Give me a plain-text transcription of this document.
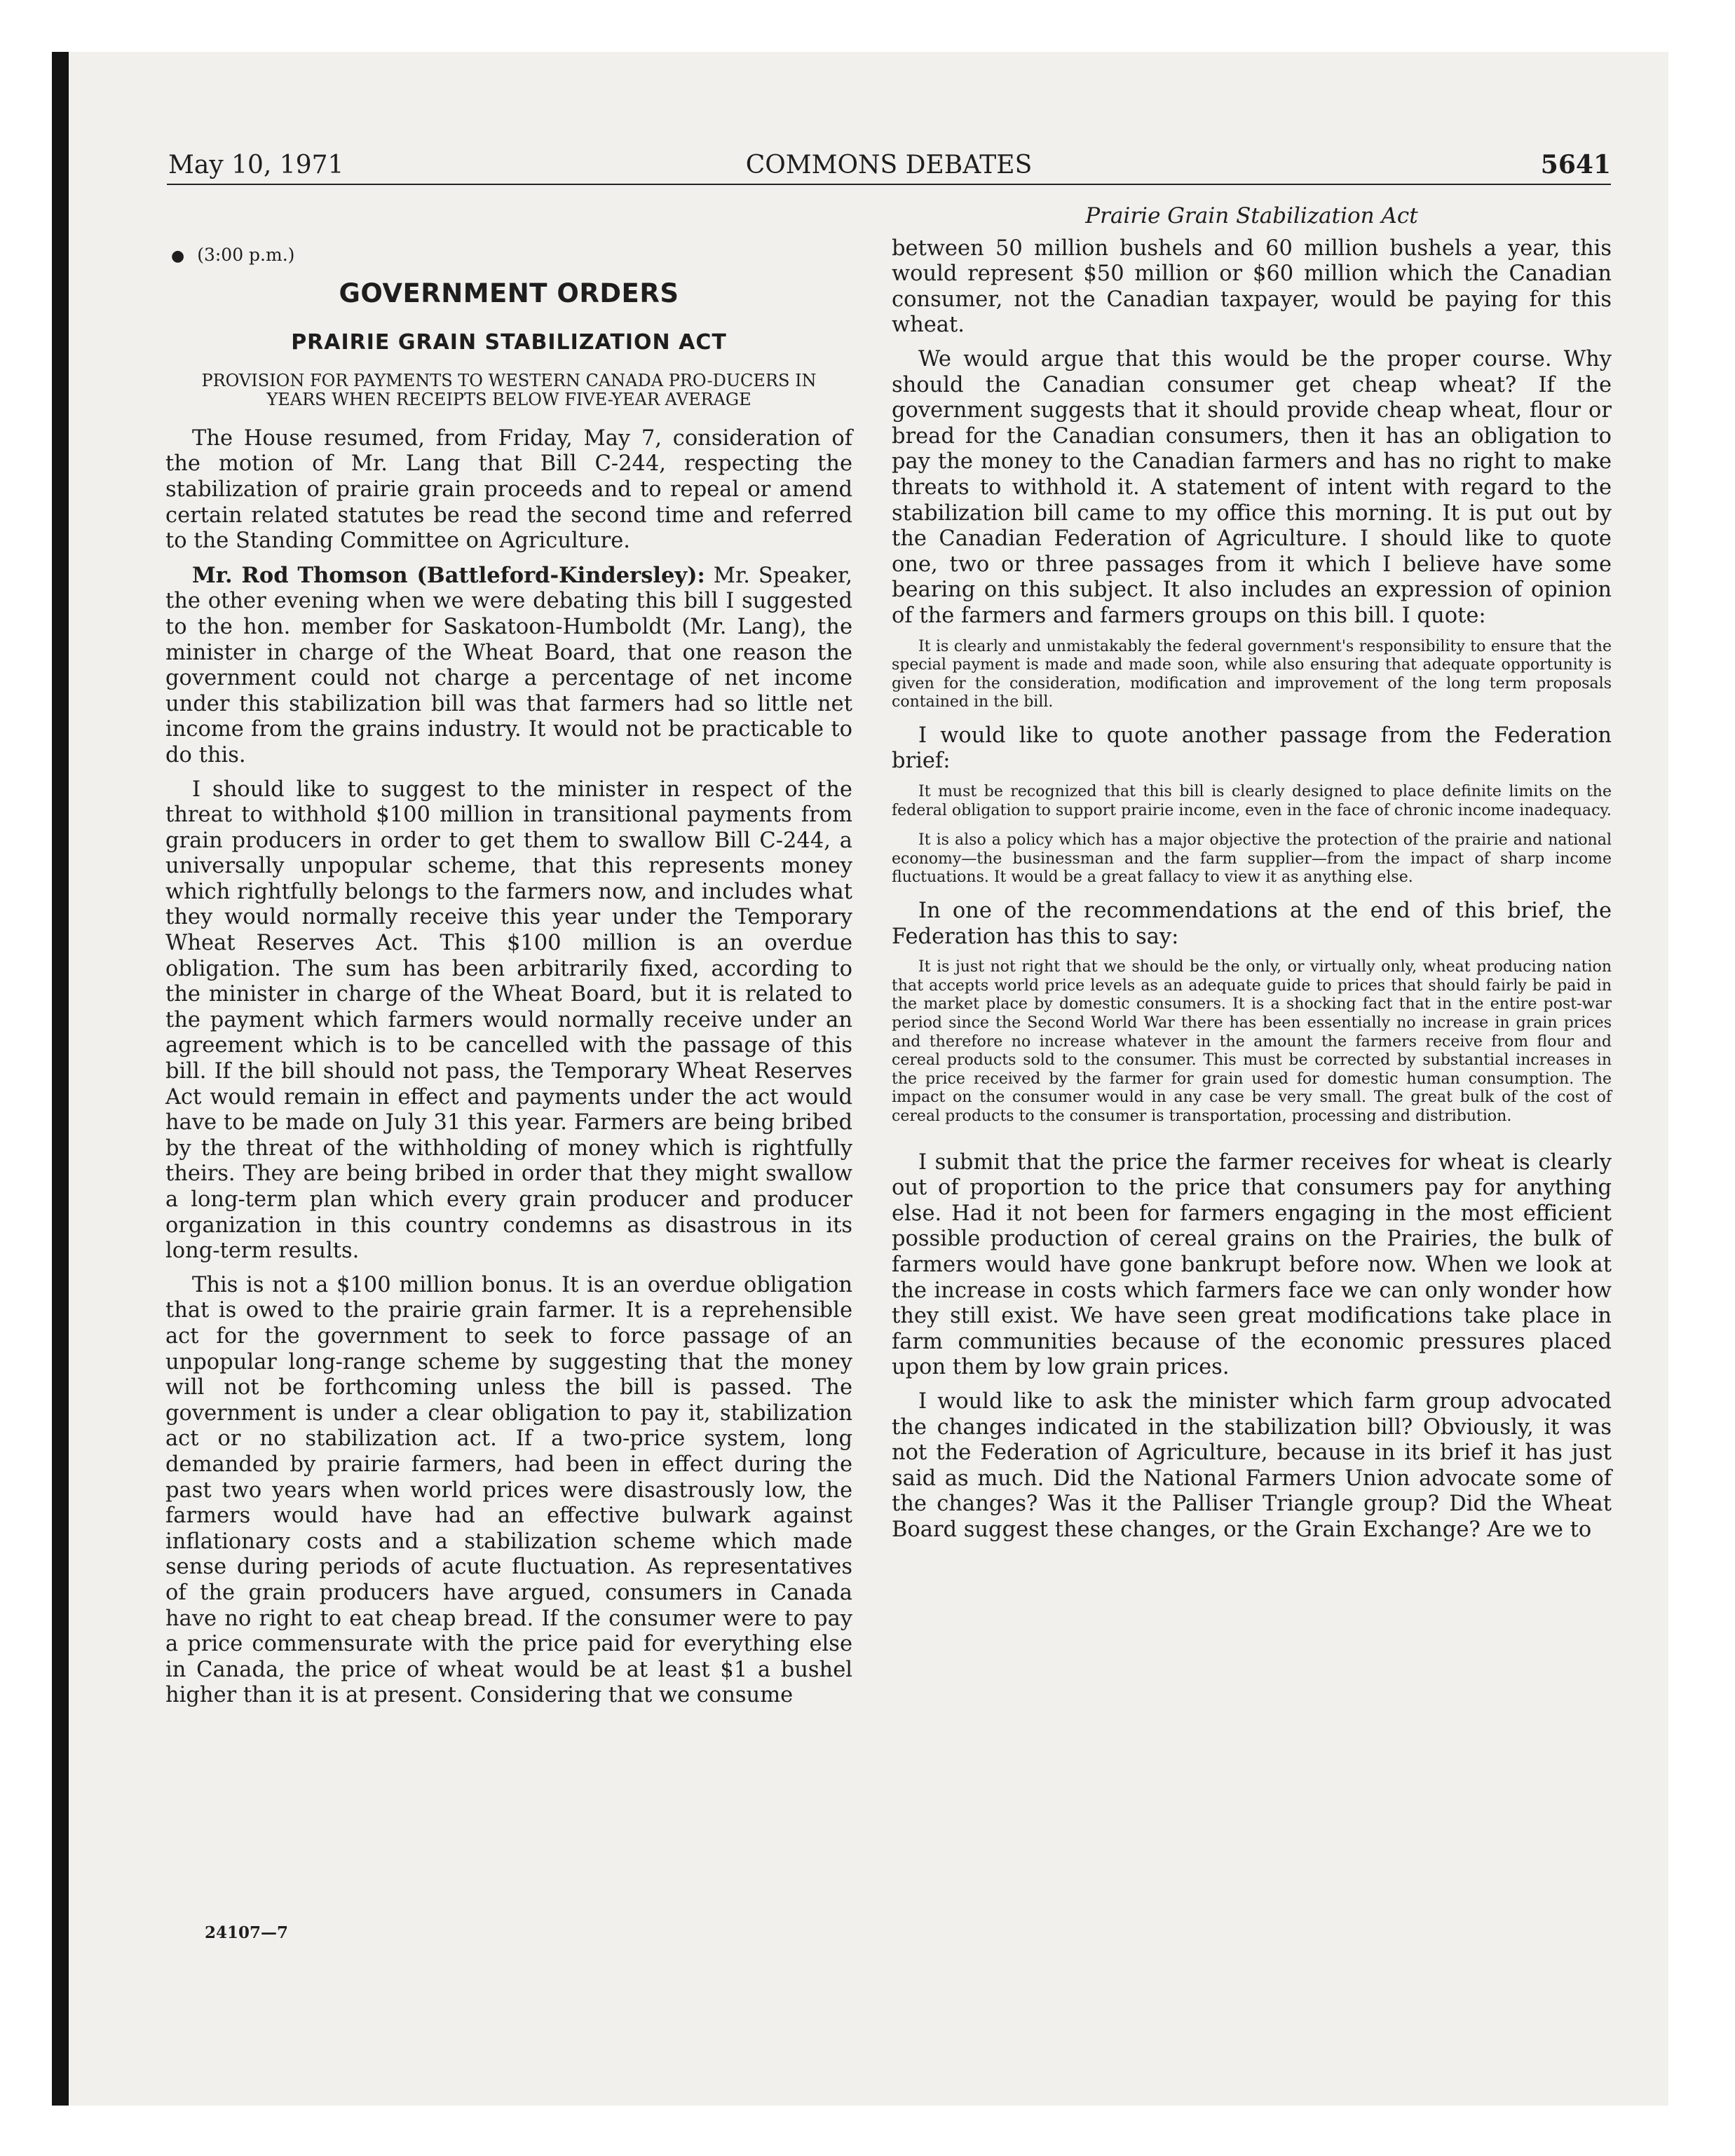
May 10, 1971	COMMONS DEBATES	5641
● (3:00 p.m.)
GOVERNMENT ORDERS
PRAIRIE GRAIN STABILIZATION ACT
PROVISION FOR PAYMENTS TO WESTERN CANADA PRO-DUCERS IN YEARS WHEN RECEIPTS BELOW FIVE-YEAR AVERAGE

The House resumed, from Friday, May 7, consideration of the motion of Mr. Lang that Bill C-244, respecting the stabilization of prairie grain proceeds and to repeal or amend certain related statutes be read the second time and referred to the Standing Committee on Agriculture.

Mr. Rod Thomson (Battleford-Kindersley): Mr. Speaker, the other evening when we were debating this bill I suggested to the hon. member for Saskatoon-Humboldt (Mr. Lang), the minister in charge of the Wheat Board, that one reason the government could not charge a percentage of net income under this stabilization bill was that farmers had so little net income from the grains industry. It would not be practicable to do this.

I should like to suggest to the minister in respect of the threat to withhold $100 million in transitional payments from grain producers in order to get them to swallow Bill C-244, a universally unpopular scheme, that this represents money which rightfully belongs to the farmers now, and includes what they would normally receive this year under the Temporary Wheat Reserves Act. This $100 million is an overdue obligation. The sum has been arbitrarily fixed, according to the minister in charge of the Wheat Board, but it is related to the payment which farmers would normally receive under an agreement which is to be cancelled with the passage of this bill. If the bill should not pass, the Temporary Wheat Reserves Act would remain in effect and payments under the act would have to be made on July 31 this year. Farmers are being bribed by the threat of the withholding of money which is rightfully theirs. They are being bribed in order that they might swallow a long-term plan which every grain producer and producer organization in this country condemns as disastrous in its long-term results.

This is not a $100 million bonus. It is an overdue obligation that is owed to the prairie grain farmer. It is a reprehensible act for the government to seek to force passage of an unpopular long-range scheme by suggesting that the money will not be forthcoming unless the bill is passed. The government is under a clear obligation to pay it, stabilization act or no stabilization act. If a two-price system, long demanded by prairie farmers, had been in effect during the past two years when world prices were disastrously low, the farmers would have had an effective bulwark against inflationary costs and a stabilization scheme which made sense during periods of acute fluctuation. As representatives of the grain producers have argued, consumers in Canada have no right to eat cheap bread. If the consumer were to pay a price commensurate with the price paid for everything else in Canada, the price of wheat would be at least $1 a bushel higher than it is at present. Considering that we consume

24107—7
Prairie Grain Stabilization Act

between 50 million bushels and 60 million bushels a year, this would represent $50 million or $60 million which the Canadian consumer, not the Canadian taxpayer, would be paying for this wheat.

We would argue that this would be the proper course. Why should the Canadian consumer get cheap wheat? If the government suggests that it should provide cheap wheat, flour or bread for the Canadian consumers, then it has an obligation to pay the money to the Canadian farmers and has no right to make threats to withhold it. A statement of intent with regard to the stabilization bill came to my office this morning. It is put out by the Canadian Federation of Agriculture. I should like to quote one, two or three passages from it which I believe have some bearing on this subject. It also includes an expression of opinion of the farmers and farmers groups on this bill. I quote:

It is clearly and unmistakably the federal government's responsibility to ensure that the special payment is made and made soon, while also ensuring that adequate opportunity is given for the consideration, modification and improvement of the long term proposals contained in the bill.

I would like to quote another passage from the Federation brief:

It must be recognized that this bill is clearly designed to place definite limits on the federal obligation to support prairie income, even in the face of chronic income inadequacy.
It is also a policy which has a major objective the protection of the prairie and national economy—the businessman and the farm supplier—from the impact of sharp income fluctuations. It would be a great fallacy to view it as anything else.

In one of the recommendations at the end of this brief, the Federation has this to say:

It is just not right that we should be the only, or virtually only, wheat producing nation that accepts world price levels as an adequate guide to prices that should fairly be paid in the market place by domestic consumers. It is a shocking fact that in the entire post-war period since the Second World War there has been essentially no increase in grain prices and therefore no increase whatever in the amount the farmers receive from flour and cereal products sold to the consumer. This must be corrected by substantial increases in the price received by the farmer for grain used for domestic human consumption. The impact on the consumer would in any case be very small. The great bulk of the cost of cereal products to the consumer is transportation, processing and distribution.

I submit that the price the farmer receives for wheat is clearly out of proportion to the price that consumers pay for anything else. Had it not been for farmers engaging in the most efficient possible production of cereal grains on the Prairies, the bulk of farmers would have gone bankrupt before now. When we look at the increase in costs which farmers face we can only wonder how they still exist. We have seen great modifications take place in farm communities because of the economic pressures placed upon them by low grain prices.

I would like to ask the minister which farm group advocated the changes indicated in the stabilization bill? Obviously, it was not the Federation of Agriculture, because in its brief it has just said as much. Did the National Farmers Union advocate some of the changes? Was it the Palliser Triangle group? Did the Wheat Board suggest these changes, or the Grain Exchange? Are we to
